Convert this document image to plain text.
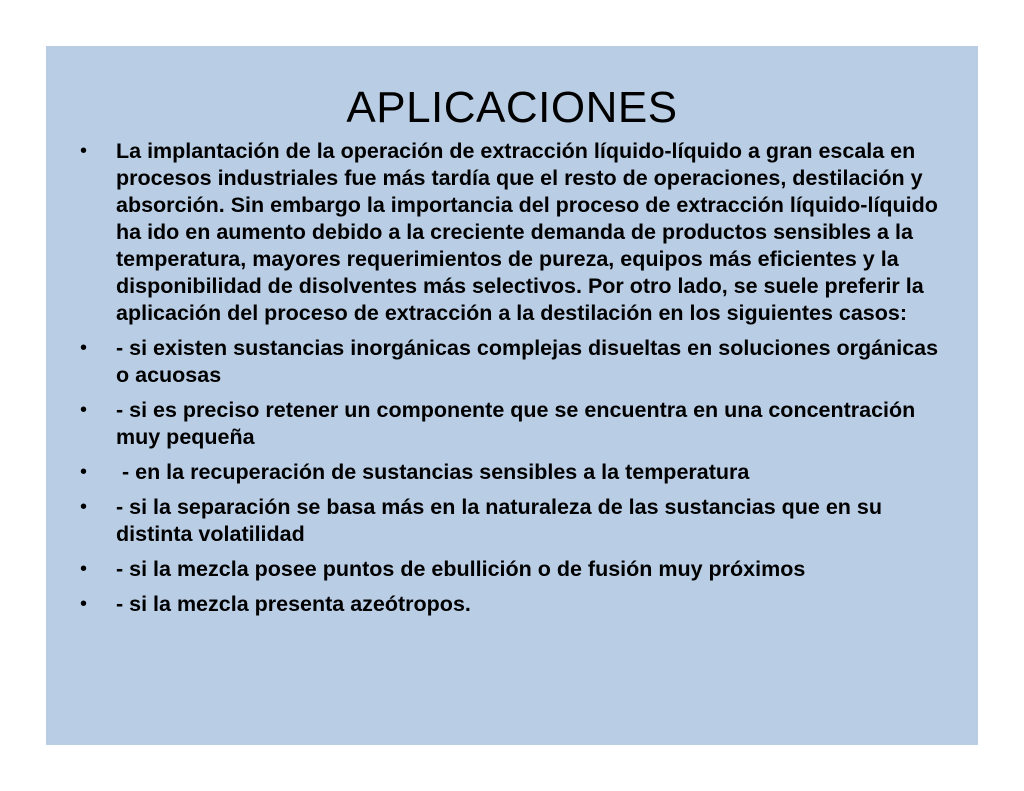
APLICACIONES
• La implantación de la operación de extracción líquido-líquido a gran escala en procesos industriales fue más tardía que el resto de operaciones, destilación y absorción. Sin embargo la importancia del proceso de extracción líquido-líquido ha ido en aumento debido a la creciente demanda de productos sensibles a la temperatura, mayores requerimientos de pureza, equipos más eficientes y la disponibilidad de disolventes más selectivos. Por otro lado, se suele preferir la aplicación del proceso de extracción a la destilación en los siguientes casos:
• - si existen sustancias inorgánicas complejas disueltas en soluciones orgánicas o acuosas
• - si es preciso retener un componente que se encuentra en una concentración muy pequeña
• - en la recuperación de sustancias sensibles a la temperatura
• - si la separación se basa más en la naturaleza de las sustancias que en su distinta volatilidad
• - si la mezcla posee puntos de ebullición o de fusión muy próximos
• - si la mezcla presenta azeótropos.
